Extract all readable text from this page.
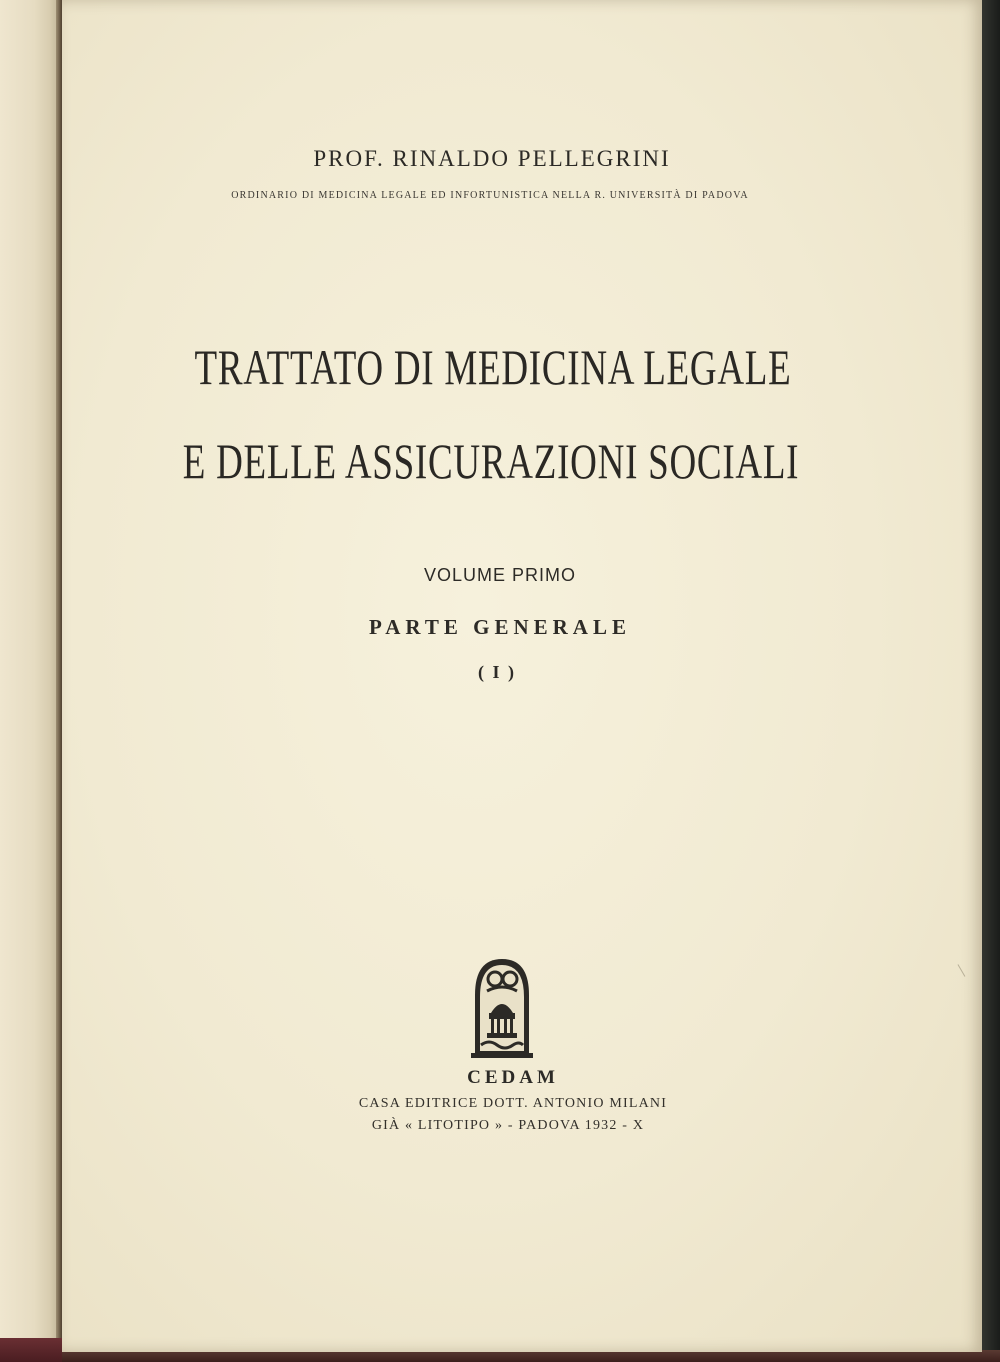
PROF. RINALDO PELLEGRINI
ORDINARIO DI MEDICINA LEGALE ED INFORTUNISTICA NELLA R. UNIVERSITÀ DI PADOVA
TRATTATO DI MEDICINA LEGALE
E DELLE ASSICURAZIONI SOCIALI
VOLUME PRIMO
PARTE GENERALE
( I )
CEDAM
CASA EDITRICE DOTT. ANTONIO MILANI
GIÀ « LITOTIPO » - PADOVA 1932 - X
